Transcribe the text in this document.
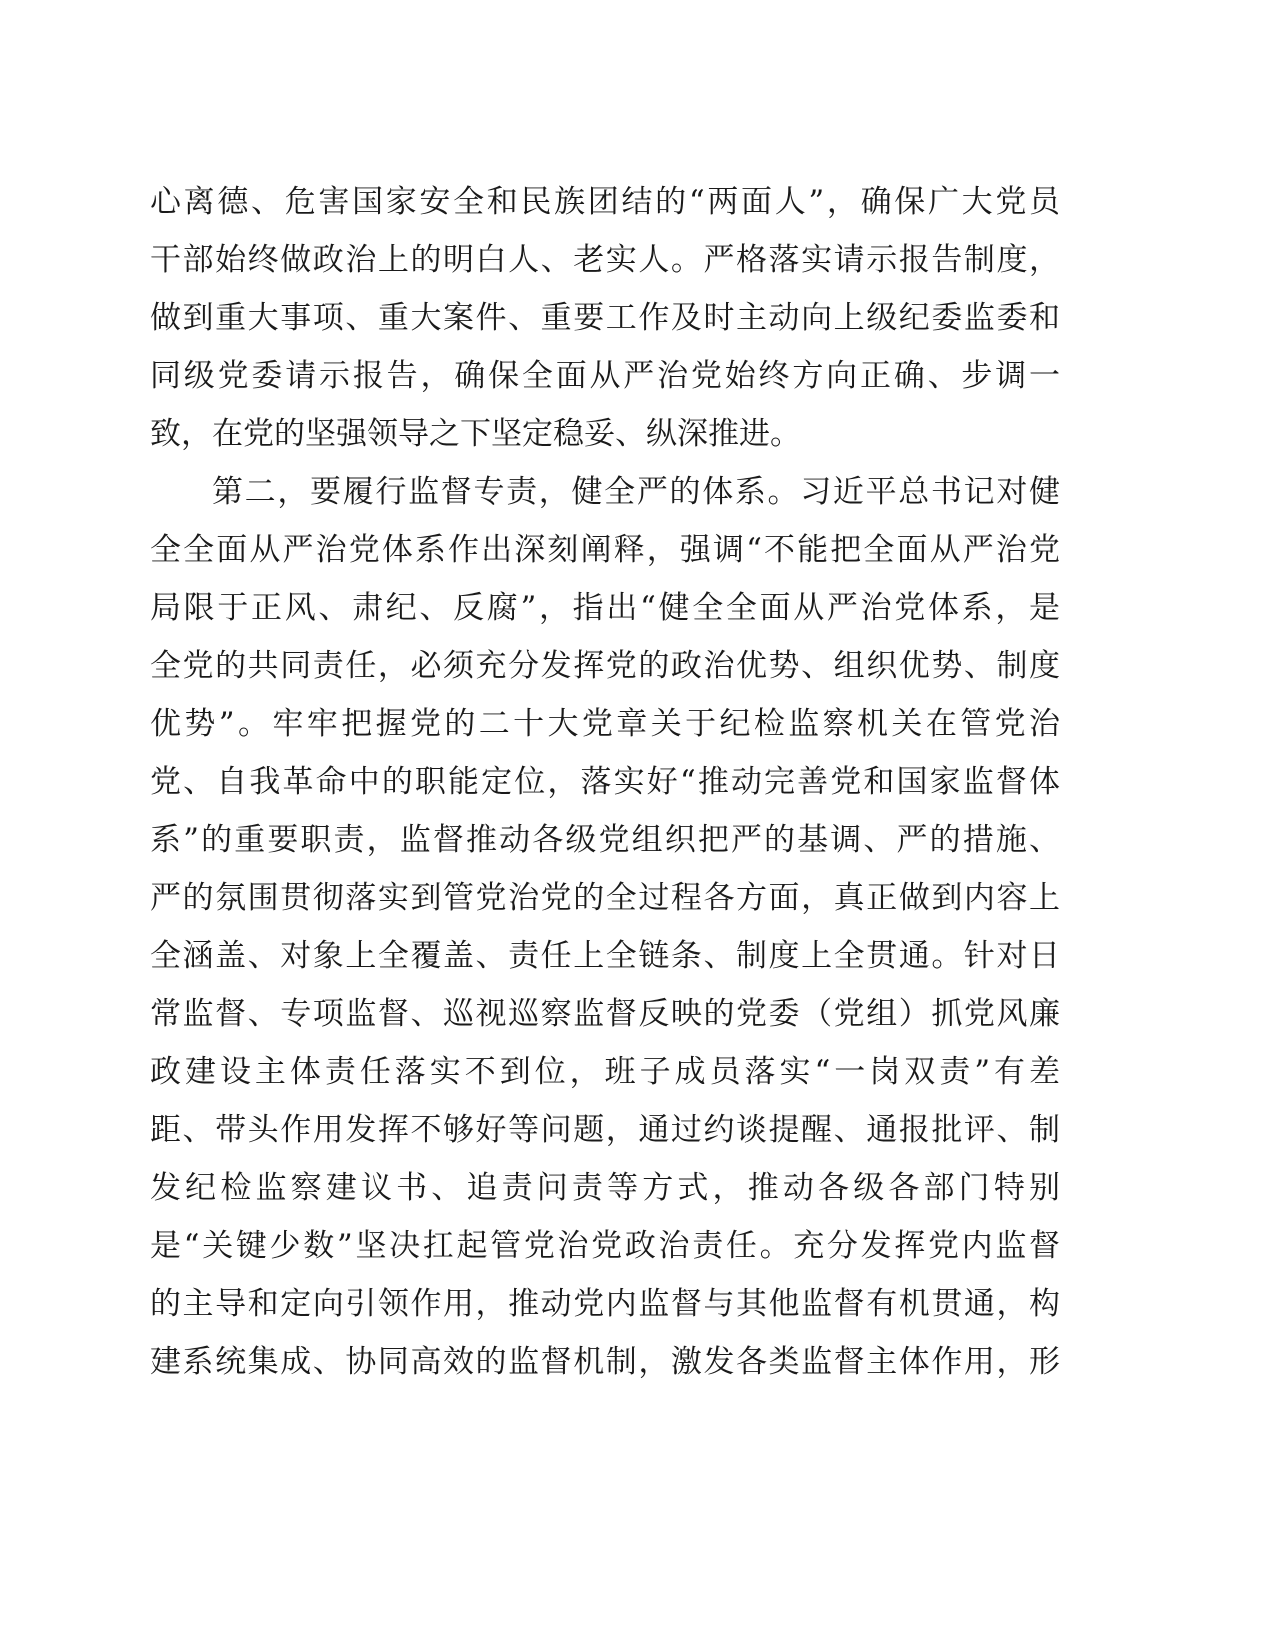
心离德、危害国家安全和民族团结的“两面人”，确保广大党员
干部始终做政治上的明白人、老实人。严格落实请示报告制度，
做到重大事项、重大案件、重要工作及时主动向上级纪委监委和
同级党委请示报告，确保全面从严治党始终方向正确、步调一
致，在党的坚强领导之下坚定稳妥、纵深推进。
第二，要履行监督专责，健全严的体系。习近平总书记对健
全全面从严治党体系作出深刻阐释，强调“不能把全面从严治党
局限于正风、肃纪、反腐”，指出“健全全面从严治党体系，是
全党的共同责任，必须充分发挥党的政治优势、组织优势、制度
优势”。牢牢把握党的二十大党章关于纪检监察机关在管党治
党、自我革命中的职能定位，落实好“推动完善党和国家监督体
系”的重要职责，监督推动各级党组织把严的基调、严的措施、
严的氛围贯彻落实到管党治党的全过程各方面，真正做到内容上
全涵盖、对象上全覆盖、责任上全链条、制度上全贯通。针对日
常监督、专项监督、巡视巡察监督反映的党委（党组）抓党风廉
政建设主体责任落实不到位，班子成员落实“一岗双责”有差
距、带头作用发挥不够好等问题，通过约谈提醒、通报批评、制
发纪检监察建议书、追责问责等方式，推动各级各部门特别
是“关键少数”坚决扛起管党治党政治责任。充分发挥党内监督
的主导和定向引领作用，推动党内监督与其他监督有机贯通，构
建系统集成、协同高效的监督机制，激发各类监督主体作用，形
